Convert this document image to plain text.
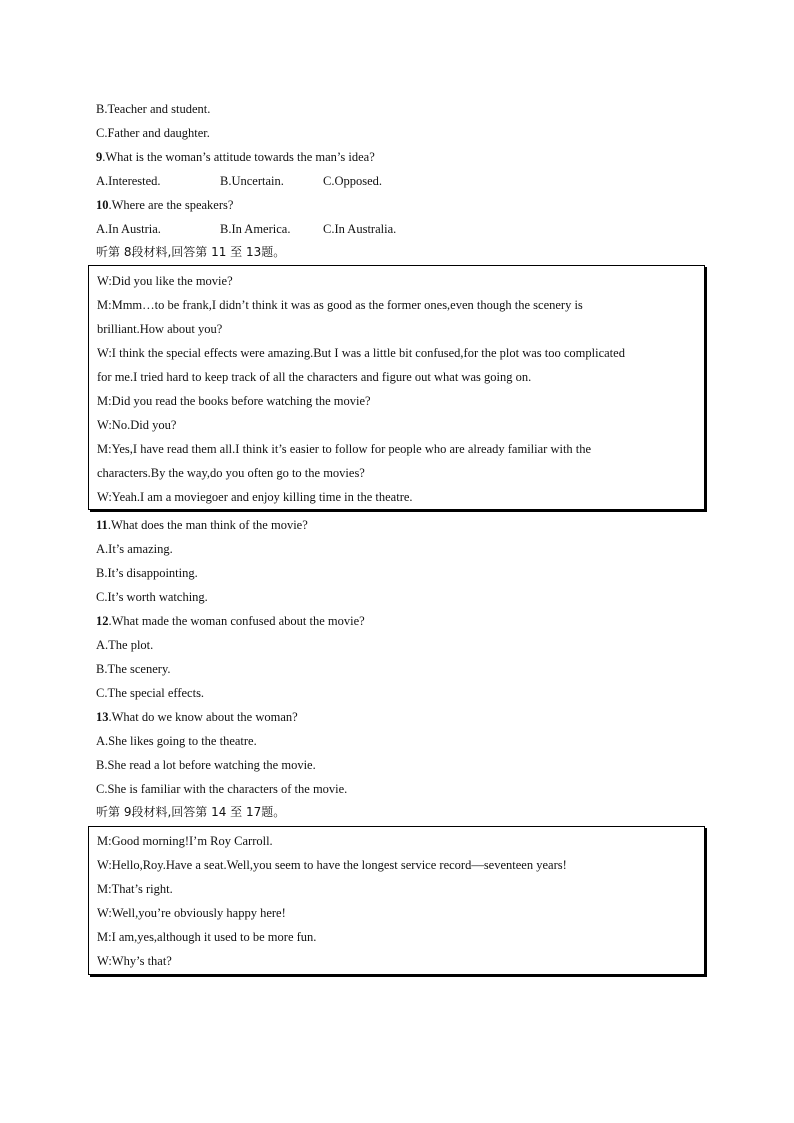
B.Teacher and student.
C.Father and daughter.
9.What is the woman’s attitude towards the man’s idea?
A.Interested.	B.Uncertain.	C.Opposed.
10.Where are the speakers?
A.In Austria.	B.In America.	C.In Australia.
听第 8段材料,回答第 11 至 13题。
W:Did you like the movie?
M:Mmm…to be frank,I didn’t think it was as good as the former ones,even though the scenery is
brilliant.How about you?
W:I think the special effects were amazing.But I was a little bit confused,for the plot was too complicated
for me.I tried hard to keep track of all the characters and figure out what was going on.
M:Did you read the books before watching the movie?
W:No.Did you?
M:Yes,I have read them all.I think it’s easier to follow for people who are already familiar with the
characters.By the way,do you often go to the movies?
W:Yeah.I am a moviegoer and enjoy killing time in the theatre.
11.What does the man think of the movie?
A.It’s amazing.
B.It’s disappointing.
C.It’s worth watching.
12.What made the woman confused about the movie?
A.The plot.
B.The scenery.
C.The special effects.
13.What do we know about the woman?
A.She likes going to the theatre.
B.She read a lot before watching the movie.
C.She is familiar with the characters of the movie.
听第 9段材料,回答第 14 至 17题。
M:Good morning!I’m Roy Carroll.
W:Hello,Roy.Have a seat.Well,you seem to have the longest service record—seventeen years!
M:That’s right.
W:Well,you’re obviously happy here!
M:I am,yes,although it used to be more fun.
W:Why’s that?
